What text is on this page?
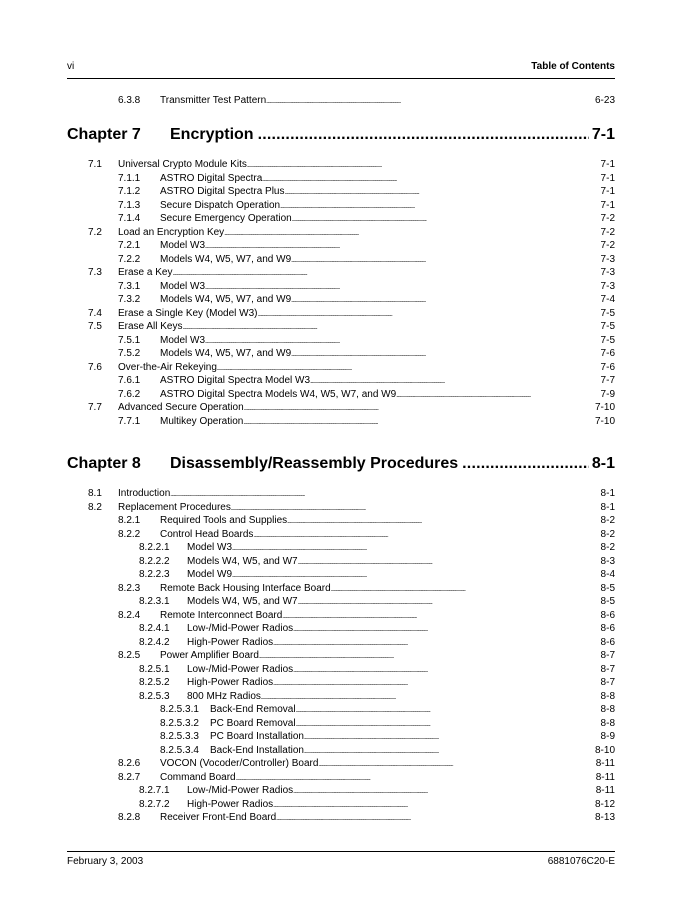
vi	Table of Contents
6.3.8	Transmitter Test Pattern . . .	6-23
Chapter 7	Encryption .....	7-1
7.1	Universal Crypto Module Kits . . .	7-1
7.1.1	ASTRO Digital Spectra . . .	7-1
7.1.2	ASTRO Digital Spectra Plus . . .	7-1
7.1.3	Secure Dispatch Operation . . .	7-1
7.1.4	Secure Emergency Operation . . .	7-2
7.2	Load an Encryption Key . . .	7-2
7.2.1	Model W3 . . .	7-2
7.2.2	Models W4, W5, W7, and W9 . . .	7-3
7.3	Erase a Key . . .	7-3
7.3.1	Model W3 . . .	7-3
7.3.2	Models W4, W5, W7, and W9 . . .	7-4
7.4	Erase a Single Key (Model W3) . . .	7-5
7.5	Erase All Keys . . .	7-5
7.5.1	Model W3 . . .	7-5
7.5.2	Models W4, W5, W7, and W9 . . .	7-6
7.6	Over-the-Air Rekeying . . .	7-6
7.6.1	ASTRO Digital Spectra Model W3 . . .	7-7
7.6.2	ASTRO Digital Spectra Models W4, W5, W7, and W9 . . .	7-9
7.7	Advanced Secure Operation . . .	7-10
7.7.1	Multikey Operation . . .	7-10
Chapter 8	Disassembly/Reassembly Procedures .....	8-1
8.1	Introduction . . .	8-1
8.2	Replacement Procedures . . .	8-1
8.2.1	Required Tools and Supplies . . .	8-2
8.2.2	Control Head Boards . . .	8-2
8.2.2.1	Model W3 . . .	8-2
8.2.2.2	Models W4, W5, and W7 . . .	8-3
8.2.2.3	Model W9 . . .	8-4
8.2.3	Remote Back Housing Interface Board . . .	8-5
8.2.3.1	Models W4, W5, and W7 . . .	8-5
8.2.4	Remote Interconnect Board . . .	8-6
8.2.4.1	Low-/Mid-Power Radios . . .	8-6
8.2.4.2	High-Power Radios . . .	8-6
8.2.5	Power Amplifier Board . . .	8-7
8.2.5.1	Low-/Mid-Power Radios . . .	8-7
8.2.5.2	High-Power Radios . . .	8-7
8.2.5.3	800 MHz Radios . . .	8-8
8.2.5.3.1	Back-End Removal . . .	8-8
8.2.5.3.2	PC Board Removal . . .	8-8
8.2.5.3.3	PC Board Installation . . .	8-9
8.2.5.3.4	Back-End Installation . . .	8-10
8.2.6	VOCON (Vocoder/Controller) Board . . .	8-11
8.2.7	Command Board . . .	8-11
8.2.7.1	Low-/Mid-Power Radios . . .	8-11
8.2.7.2	High-Power Radios . . .	8-12
8.2.8	Receiver Front-End Board . . .	8-13
February 3, 2003	6881076C20-E
